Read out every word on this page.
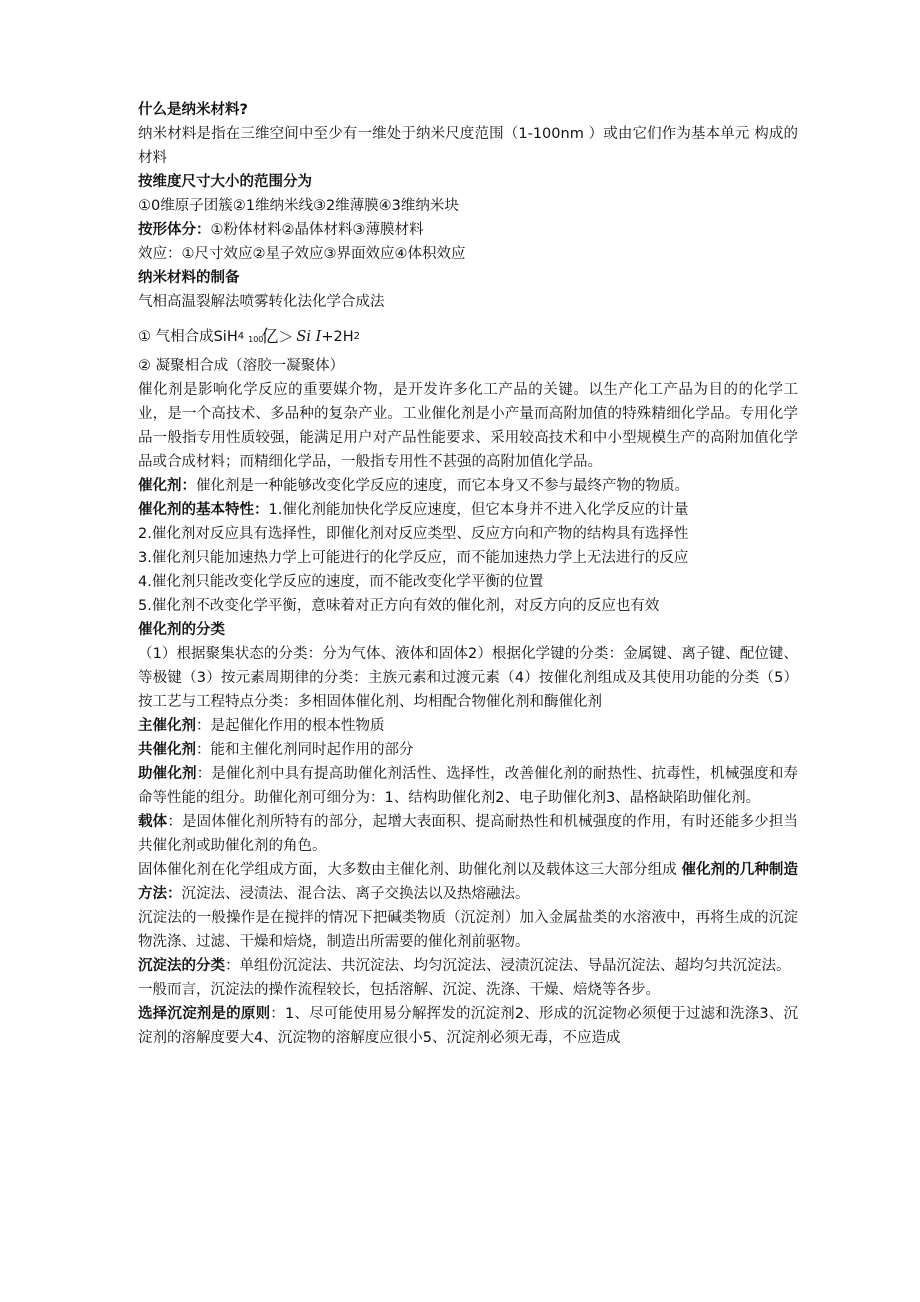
什么是纳米材料?
纳米材料是指在三维空间中至少有一维处于纳米尺度范围（1-100nm ）或由它们作为基本单元 构成的材料
按维度尺寸大小的范围分为
①0维原子团簇②1维纳米线③2维薄膜④3维纳米块
按形体分：①粉体材料②晶体材料③薄膜材料
效应：①尺寸效应②星子效应③界面效应④体积效应
纳米材料的制备
气相高温裂解法喷雾转化法化学合成法
① 气相合成SiH 4 100
亿 ＞ Si I +2H 2
② 凝聚相合成（溶胶一凝聚体）
催化剂是影响化学反应的重要媒介物，是开发许多化工产品的关键。以生产化工产品为目的的化学工业，是一个高技术、多品种的复杂产业。工业催化剂是小产量而高附加值的特殊精细化学品。专用化学品一般指专用性质较强，能满足用户对产品性能要求、采用较高技术和中小型规模生产的高附加值化学品或合成材料；而精细化学品，一般指专用性不甚强的高附加值化学品。
催化剂：催化剂是一种能够改变化学反应的速度，而它本身又不参与最终产物的物质。
催化剂的基本特性：1.催化剂能加快化学反应速度，但它本身并不进入化学反应的计量
2.催化剂对反应具有选择性，即催化剂对反应类型、反应方向和产物的结构具有选择性
3.催化剂只能加速热力学上可能进行的化学反应，而不能加速热力学上无法进行的反应
4.催化剂只能改变化学反应的速度，而不能改变化学平衡的位置
5.催化剂不改变化学平衡，意味着对正方向有效的催化剂，对反方向的反应也有效
催化剂的分类
（1）根据聚集状态的分类：分为气体、液体和固体2）根据化学键的分类：金属键、离子键、配位键、等极键（3）按元素周期律的分类：主族元素和过渡元素（4）按催化剂组成及其使用功能的分类（5）按工艺与工程特点分类：多相固体催化剂、均相配合物催化剂和酶催化剂
主催化剂：是起催化作用的根本性物质
共催化剂：能和主催化剂同时起作用的部分
助催化剂：是催化剂中具有提高助催化剂活性、选择性，改善催化剂的耐热性、抗毒性，机械强度和寿命等性能的组分。助催化剂可细分为：1、结构助催化剂2、电子助催化剂3、晶格缺陷助催化剂。
载体：是固体催化剂所特有的部分，起增大表面积、提高耐热性和机械强度的作用，有时还能多少担当共催化剂或助催化剂的角色。
固体催化剂在化学组成方面，大多数由主催化剂、助催化剂以及载体这三大部分组成 催化剂的几种制造方法：沉淀法、浸渍法、混合法、离子交换法以及热熔融法。
沉淀法的一般操作是在搅拌的情况下把碱类物质（沉淀剂）加入金属盐类的水溶液中，再将生成的沉淀物洗涤、过滤、干燥和焙烧，制造出所需要的催化剂前驱物。
沉淀法的分类：单组份沉淀法、共沉淀法、均匀沉淀法、浸渍沉淀法、导晶沉淀法、超均匀共沉淀法。
一般而言，沉淀法的操作流程较长，包括溶解、沉淀、洗涤、干燥、焙烧等各步。
选择沉淀剂是的原则：1、尽可能使用易分解挥发的沉淀剂2、形成的沉淀物必须便于过滤和洗涤3、沉淀剂的溶解度要大4、沉淀物的溶解度应很小5、沉淀剂必须无毒，不应造成
